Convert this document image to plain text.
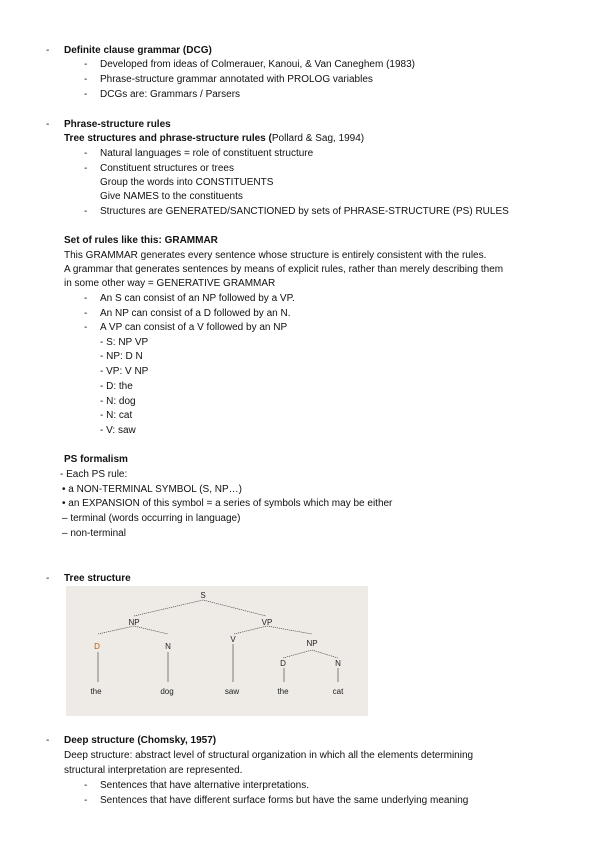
- Definite clause grammar (DCG)
- Developed from ideas of Colmerauer, Kanoui, & Van Caneghem (1983)
- Phrase-structure grammar annotated with PROLOG variables
- DCGs are: Grammars / Parsers
- Phrase-structure rules
Tree structures and phrase-structure rules (Pollard & Sag, 1994)
- Natural languages = role of constituent structure
- Constituent structures or trees
Group the words into CONSTITUENTS
Give NAMES to the constituents
- Structures are GENERATED/SANCTIONED by sets of PHRASE-STRUCTURE (PS) RULES
Set of rules like this: GRAMMAR
This GRAMMAR generates every sentence whose structure is entirely consistent with the rules.
A grammar that generates sentences by means of explicit rules, rather than merely describing them
in some other way = GENERATIVE GRAMMAR
- An S can consist of an NP followed by a VP.
- An NP can consist of a D followed by an N.
- A VP can consist of a V followed by an NP
- S: NP VP
- NP: D N
- VP: V NP
- D: the
- N: dog
- N: cat
- V: saw
PS formalism
- Each PS rule:
• a NON-TERMINAL SYMBOL (S, NP…)
• an EXPANSION of this symbol = a series of symbols which may be either
– terminal (words occurring in language)
– non-terminal
- Tree structure
S
NP	VP
D	N
V	NP
D	N
the	dog	saw	the	cat
- Deep structure (Chomsky, 1957)
Deep structure: abstract level of structural organization in which all the elements determining
structural interpretation are represented.
- Sentences that have alternative interpretations.
- Sentences that have different surface forms but have the same underlying meaning
